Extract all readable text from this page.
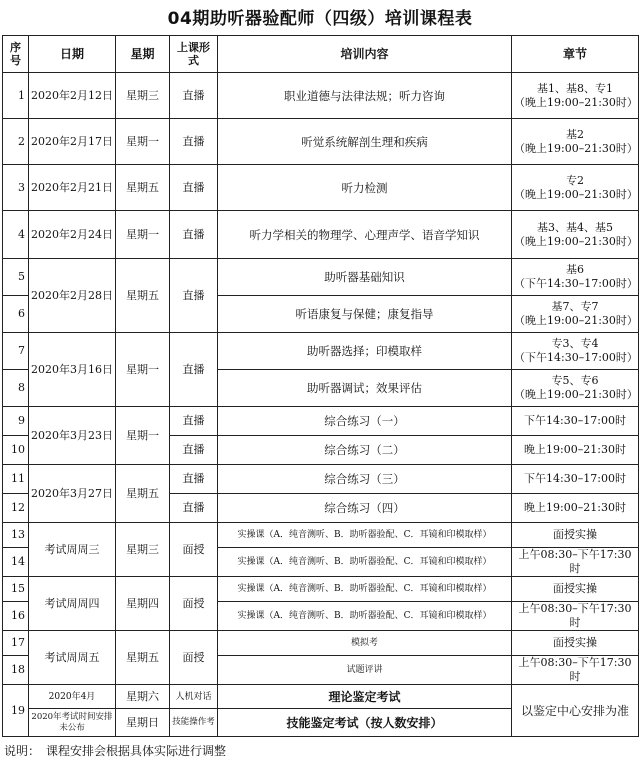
04期助听器验配师（四级）培训课程表
序号	日期	星期	上课形式	培训内容	章节
1	2020年2月12日	星期三	直播	职业道德与法律法规；听力咨询	基1、基8、专1
（晚上19:00–21:30时）
2	2020年2月17日	星期一	直播	听觉系统解剖生理和疾病	基2
（晚上19:00–21:30时）
3	2020年2月21日	星期五	直播	听力检测	专2
（晚上19:00–21:30时）
4	2020年2月24日	星期一	直播	听力学相关的物理学、心理声学、语音学知识	基3、基4、基5
（晚上19:00–21:30时）
5	2020年2月28日	星期五	直播	助听器基础知识	基6
（下午14:30–17:00时）
6				听语康复与保健；康复指导	基7、专7
（晚上19:00–21:30时）
7	2020年3月16日	星期一	直播	助听器选择；印模取样	专3、专4
（下午14:30–17:00时）
8				助听器调试；效果评估	专5、专6
（晚上19:00–21:30时）
9	2020年3月23日	星期一	直播	综合练习（一）	下午14:30–17:00时
10			直播	综合练习（二）	晚上19:00–21:30时
11	2020年3月27日	星期五	直播	综合练习（三）	下午14:30–17:00时
12			直播	综合练习（四）	晚上19:00–21:30时
13	考试周周三	星期三	面授	实操课（A．纯音测听、B．助听器验配、C．耳镜和印模取样）	面授实操
14				实操课（A．纯音测听、B．助听器验配、C．耳镜和印模取样）	上午08:30–下午17:30时
15	考试周周四	星期四	面授	实操课（A．纯音测听、B．助听器验配、C．耳镜和印模取样）	面授实操
16				实操课（A．纯音测听、B．助听器验配、C．耳镜和印模取样）	上午08:30–下午17:30时
17	考试周周五	星期五	面授	模拟考	面授实操
18				试题评讲	上午08:30–下午17:30时
19	2020年4月	星期六	人机对话	理论鉴定考试	以鉴定中心安排为准
	2020年考试时间安排未公布	星期日	技能操作考	技能鉴定考试（按人数安排）	
说明： 课程安排会根据具体实际进行调整
